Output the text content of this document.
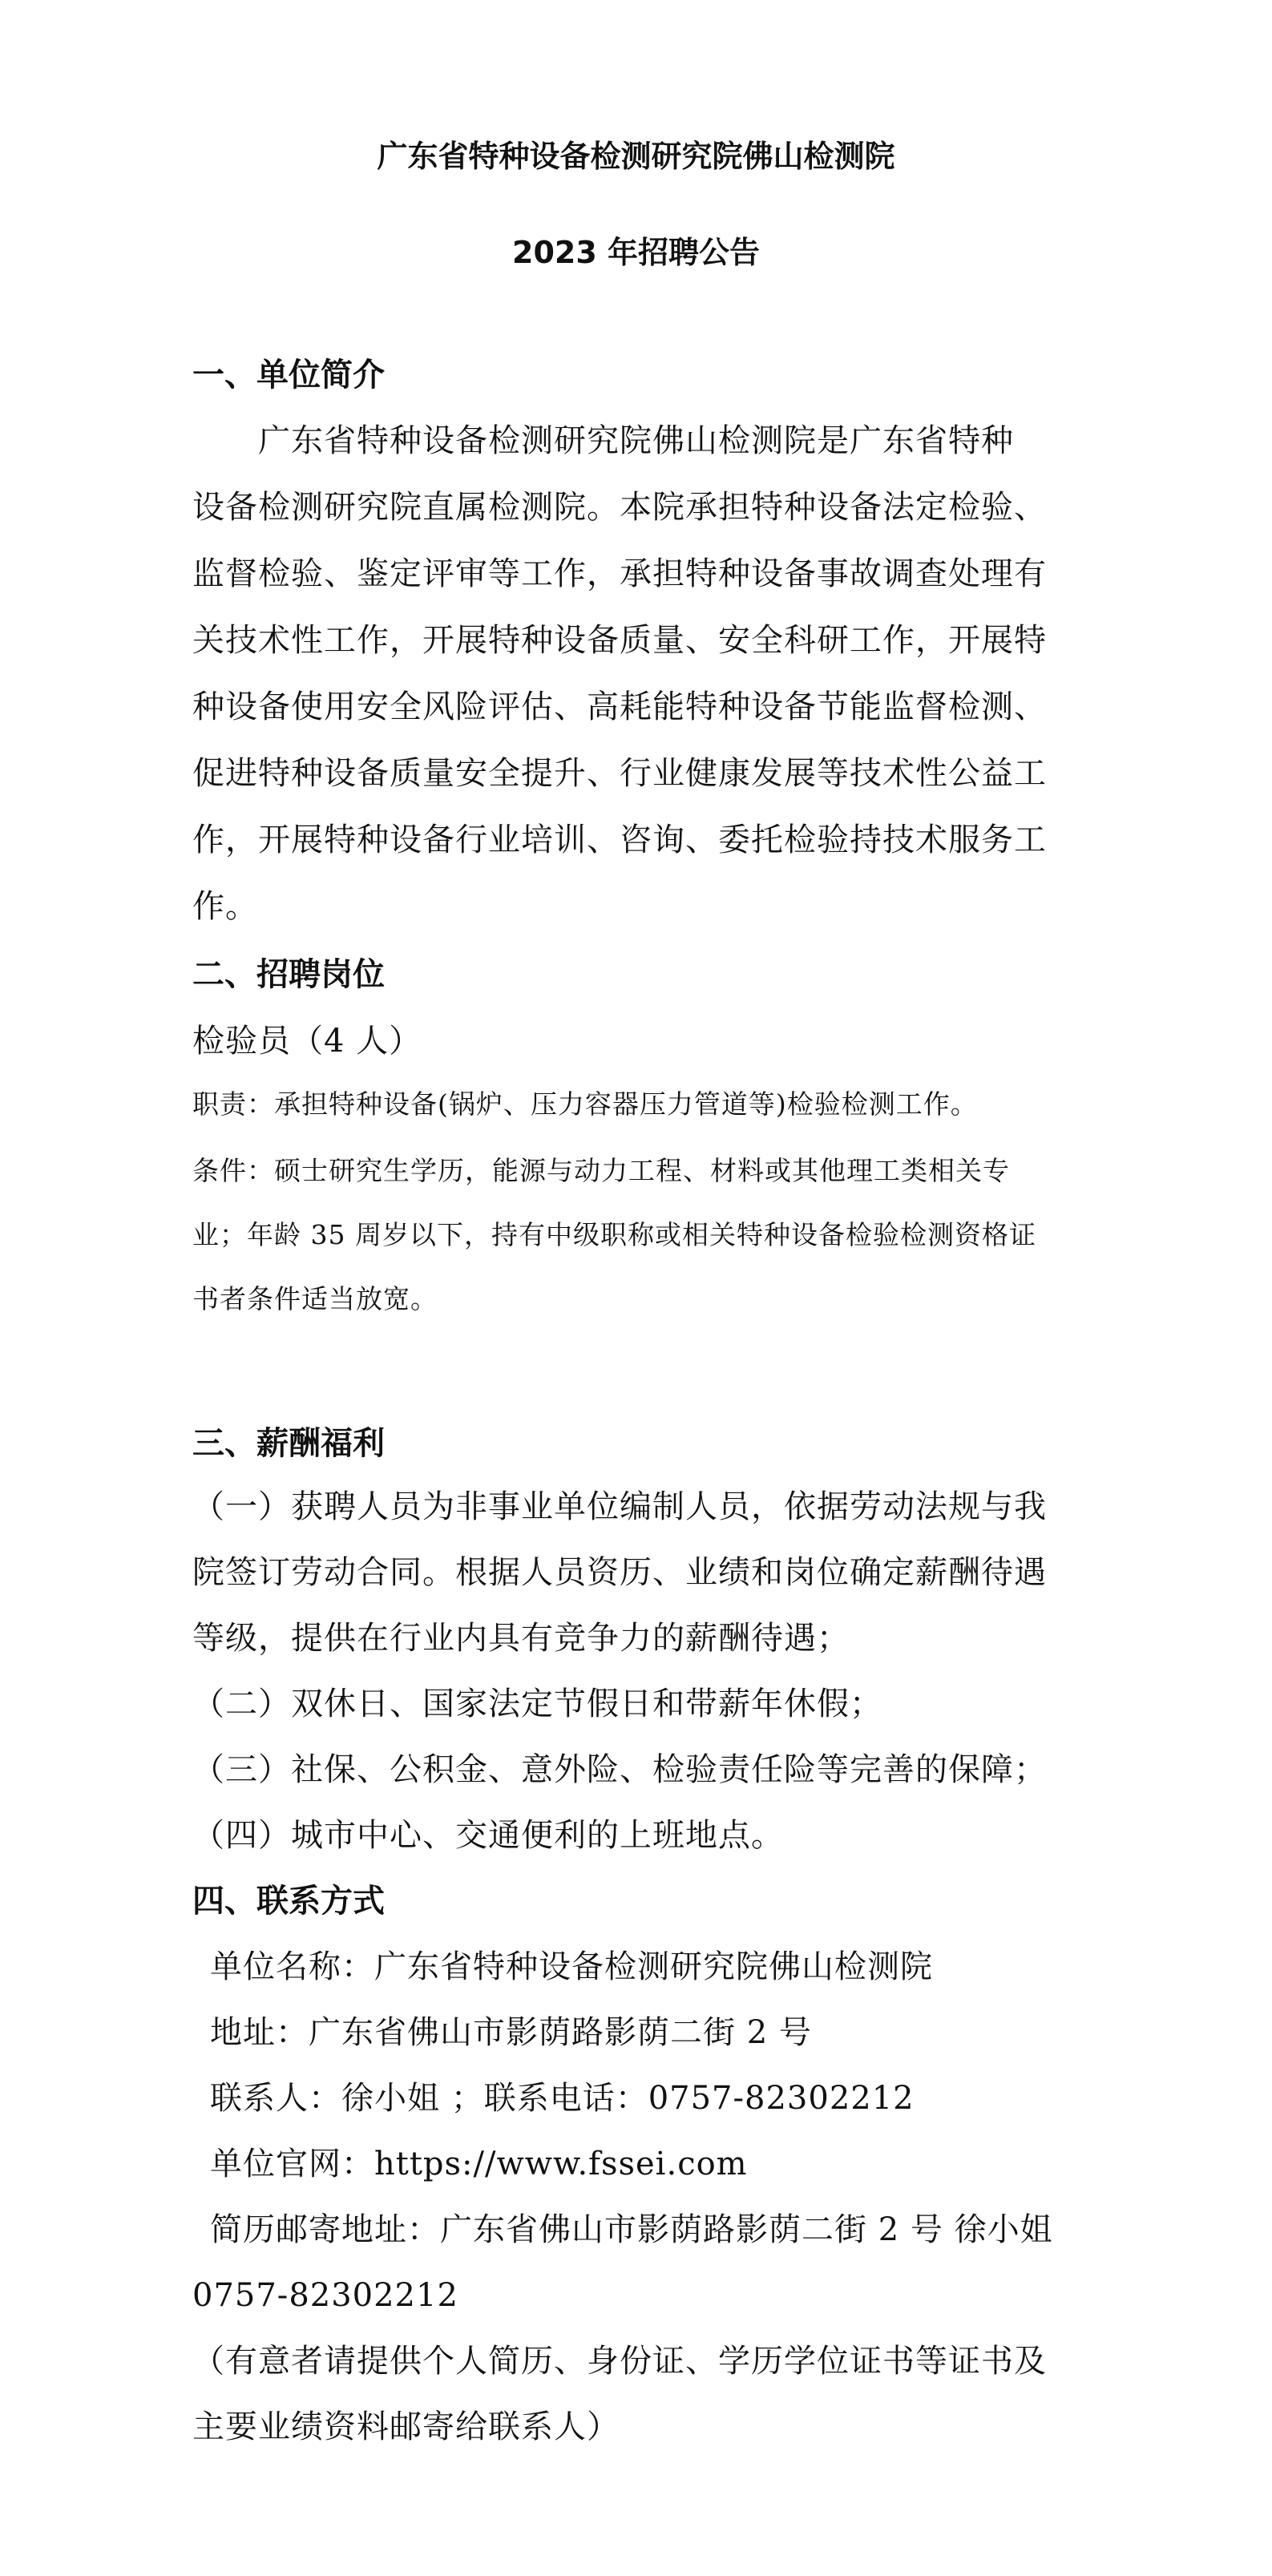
广东省特种设备检测研究院佛山检测院
2023 年招聘公告
一、单位简介
广东省特种设备检测研究院佛山检测院是广东省特种
设备检测研究院直属检测院。本院承担特种设备法定检验、
监督检验、鉴定评审等工作，承担特种设备事故调查处理有
关技术性工作，开展特种设备质量、安全科研工作，开展特
种设备使用安全风险评估、高耗能特种设备节能监督检测、
促进特种设备质量安全提升、行业健康发展等技术性公益工
作，开展特种设备行业培训、咨询、委托检验持技术服务工
作。
二、招聘岗位
检验员（4 人）
职责：承担特种设备(锅炉、压力容器压力管道等)检验检测工作。
条件：硕士研究生学历，能源与动力工程、材料或其他理工类相关专
业；年龄 35 周岁以下，持有中级职称或相关特种设备检验检测资格证
书者条件适当放宽。
三、薪酬福利
（一）获聘人员为非事业单位编制人员，依据劳动法规与我
院签订劳动合同。根据人员资历、业绩和岗位确定薪酬待遇
等级，提供在行业内具有竞争力的薪酬待遇；
（二）双休日、国家法定节假日和带薪年休假；
（三）社保、公积金、意外险、检验责任险等完善的保障；
（四）城市中心、交通便利的上班地点。
四、联系方式
单位名称：广东省特种设备检测研究院佛山检测院
地址：广东省佛山市影荫路影荫二街 2 号
联系人：徐小姐 ；联系电话：0757-82302212
单位官网：https://www.fssei.com
简历邮寄地址：广东省佛山市影荫路影荫二街 2 号 徐小姐
0757-82302212
（有意者请提供个人简历、身份证、学历学位证书等证书及
主要业绩资料邮寄给联系人）
